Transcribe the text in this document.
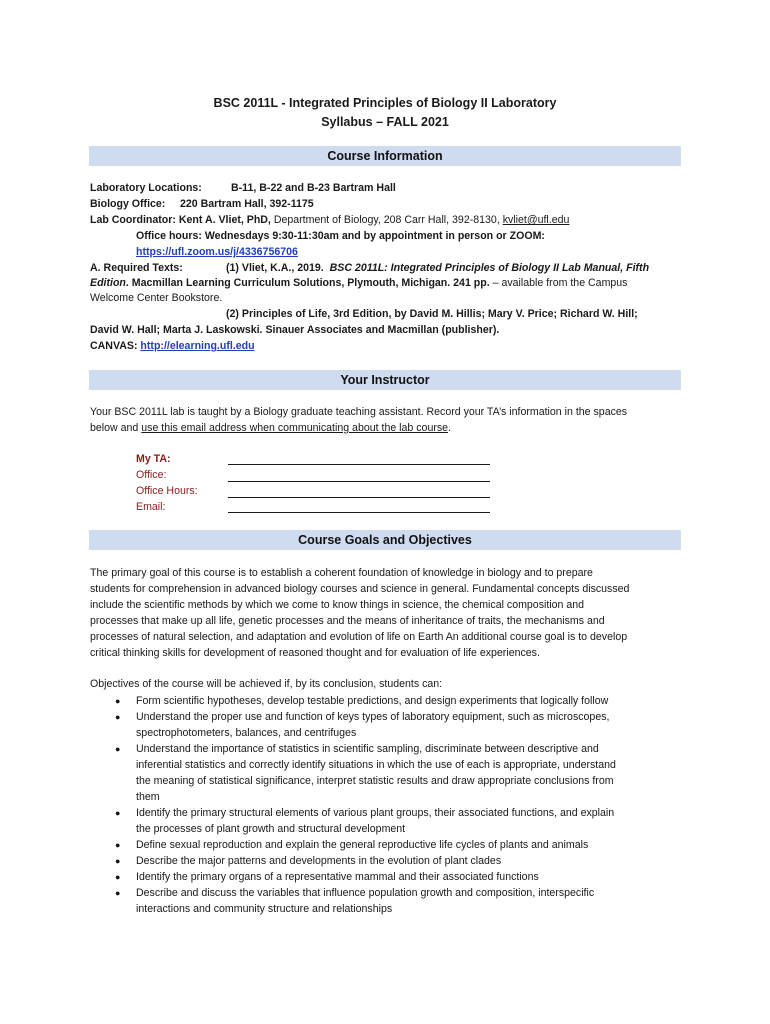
BSC 2011L - Integrated Principles of Biology II Laboratory
Syllabus – FALL 2021
Course Information
Laboratory Locations:	B-11, B-22 and B-23 Bartram Hall
Biology Office: 220 Bartram Hall, 392-1175
Lab Coordinator: Kent A. Vliet, PhD, Department of Biology, 208 Carr Hall, 392-8130, kvliet@ufl.edu
Office hours: Wednesdays 9:30-11:30am and by appointment in person or ZOOM:
https://ufl.zoom.us/j/4336756706
A. Required Texts:	(1) Vliet, K.A., 2019. BSC 2011L: Integrated Principles of Biology II Lab Manual, Fifth
Edition. Macmillan Learning Curriculum Solutions, Plymouth, Michigan. 241 pp. – available from the Campus
Welcome Center Bookstore.
(2) Principles of Life, 3rd Edition, by David M. Hillis; Mary V. Price; Richard W. Hill;
David W. Hall; Marta J. Laskowski. Sinauer Associates and Macmillan (publisher).
CANVAS: http://elearning.ufl.edu
Your Instructor
Your BSC 2011L lab is taught by a Biology graduate teaching assistant. Record your TA’s information in the spaces
below and use this email address when communicating about the lab course.
My TA:
Office:
Office Hours:
Email:
Course Goals and Objectives
The primary goal of this course is to establish a coherent foundation of knowledge in biology and to prepare
students for comprehension in advanced biology courses and science in general. Fundamental concepts discussed
include the scientific methods by which we come to know things in science, the chemical composition and
processes that make up all life, genetic processes and the means of inheritance of traits, the mechanisms and
processes of natural selection, and adaptation and evolution of life on Earth An additional course goal is to develop
critical thinking skills for development of reasoned thought and for evaluation of life experiences.
Objectives of the course will be achieved if, by its conclusion, students can:
● Form scientific hypotheses, develop testable predictions, and design experiments that logically follow
● Understand the proper use and function of keys types of laboratory equipment, such as microscopes,
spectrophotometers, balances, and centrifuges
● Understand the importance of statistics in scientific sampling, discriminate between descriptive and
inferential statistics and correctly identify situations in which the use of each is appropriate, understand
the meaning of statistical significance, interpret statistic results and draw appropriate conclusions from
them
● Identify the primary structural elements of various plant groups, their associated functions, and explain
the processes of plant growth and structural development
● Define sexual reproduction and explain the general reproductive life cycles of plants and animals
● Describe the major patterns and developments in the evolution of plant clades
● Identify the primary organs of a representative mammal and their associated functions
● Describe and discuss the variables that influence population growth and composition, interspecific
interactions and community structure and relationships
